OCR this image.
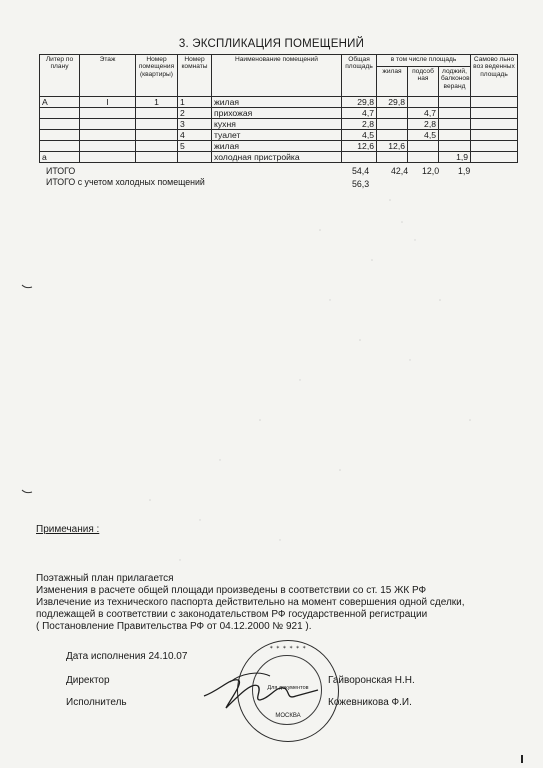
3. ЭКСПЛИКАЦИЯ ПОМЕЩЕНИЙ
Литер по плану	Этаж	Номер помещения (квартиры)	Номер комнаты	Наименование помещений	Общая площадь	в том числе площадь			Самово льно воз веденных площадь
						жилая	подсоб ная	лоджий, балконов веранд	
А	I	1	1	жилая	29,8	29,8			
			2	прихожая	4,7		4,7		
			3	кухня	2,8		2,8		
			4	туалет	4,5		4,5		
			5	жилая	12,6	12,6			
а				холодная пристройка				1,9	
ИТОГО	54,4 42,4 12,0 1,9
ИТОГО с учетом холодных помещений	56,3
Примечания :
Поэтажный план прилагается
Изменения в расчете общей площади произведены в соответствии со ст. 15 ЖК РФ
Извлечение из технического паспорта действительно на момент совершения одной сделки,
подлежащей в соответствии с законодательством РФ государственной регистрации
( Постановление Правительства РФ от 04.12.2000 № 921 ).
Дата исполнения 24.10.07
Директор	Гайворонская Н.Н.
Исполнитель	Кожевникова Ф.И.
✶ ✶ ✶ ✶ ✶ ✶
Для документов
МОСКВА
